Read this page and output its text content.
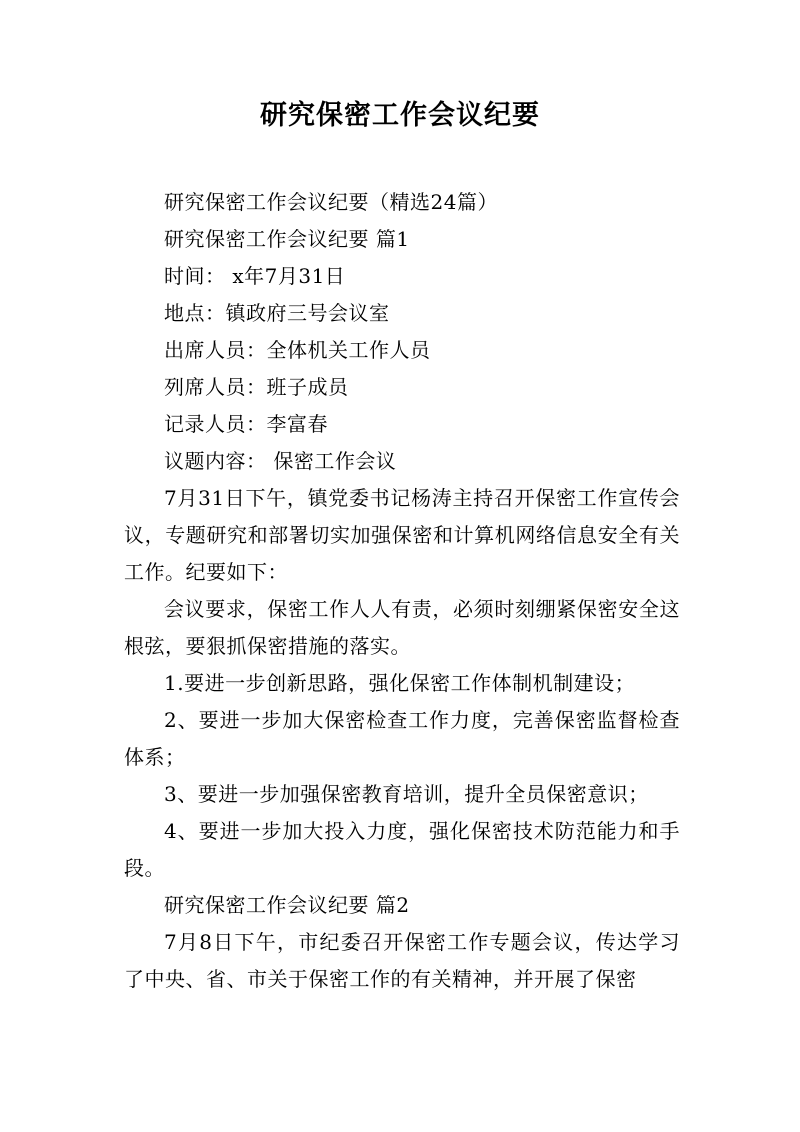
研究保密工作会议纪要

研究保密工作会议纪要（精选24篇）

研究保密工作会议纪要 篇1

时间： x年7月31日

地点：镇政府三号会议室

出席人员：全体机关工作人员

列席人员：班子成员

记录人员：李富春

议题内容： 保密工作会议

7月31日下午，镇党委书记杨涛主持召开保密工作宣传会议，专题研究和部署切实加强保密和计算机网络信息安全有关工作。纪要如下：

会议要求，保密工作人人有责，必须时刻绷紧保密安全这根弦，要狠抓保密措施的落实。

1.要进一步创新思路，强化保密工作体制机制建设；

2、要进一步加大保密检查工作力度，完善保密监督检查体系；

3、要进一步加强保密教育培训，提升全员保密意识；

4、要进一步加大投入力度，强化保密技术防范能力和手段。

研究保密工作会议纪要 篇2

7月8日下午，市纪委召开保密工作专题会议，传达学习了中央、省、市关于保密工作的有关精神，并开展了保密
